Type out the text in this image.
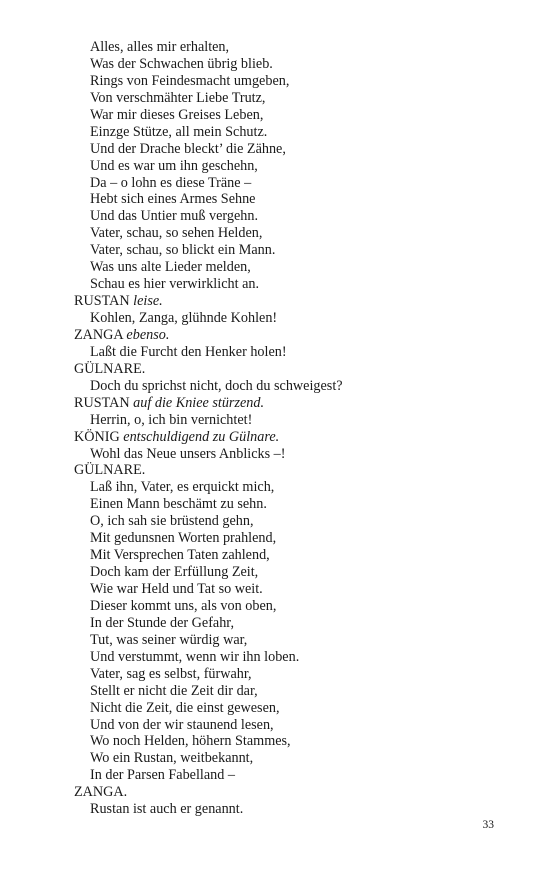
Alles, alles mir erhalten,
Was der Schwachen übrig blieb.
Rings von Feindesmacht umgeben,
Von verschmähter Liebe Trutz,
War mir dieses Greises Leben,
Einzge Stütze, all mein Schutz.
Und der Drache bleckt’ die Zähne,
Und es war um ihn geschehn,
Da – o lohn es diese Träne –
Hebt sich eines Armes Sehne
Und das Untier muß vergehn.
Vater, schau, so sehen Helden,
Vater, schau, so blickt ein Mann.
Was uns alte Lieder melden,
Schau es hier verwirklicht an.
RUSTAN leise.
Kohlen, Zanga, glühnde Kohlen!
ZANGA ebenso.
Laßt die Furcht den Henker holen!
GÜLNARE.
Doch du sprichst nicht, doch du schweigest?
RUSTAN auf die Kniee stürzend.
Herrin, o, ich bin vernichtet!
KÖNIG entschuldigend zu Gülnare.
Wohl das Neue unsers Anblicks –!
GÜLNARE.
Laß ihn, Vater, es erquickt mich,
Einen Mann beschämt zu sehn.
O, ich sah sie brüstend gehn,
Mit gedunsnen Worten prahlend,
Mit Versprechen Taten zahlend,
Doch kam der Erfüllung Zeit,
Wie war Held und Tat so weit.
Dieser kommt uns, als von oben,
In der Stunde der Gefahr,
Tut, was seiner würdig war,
Und verstummt, wenn wir ihn loben.
Vater, sag es selbst, fürwahr,
Stellt er nicht die Zeit dir dar,
Nicht die Zeit, die einst gewesen,
Und von der wir staunend lesen,
Wo noch Helden, höhern Stammes,
Wo ein Rustan, weitbekannt,
In der Parsen Fabelland –
ZANGA.
Rustan ist auch er genannt.
33
